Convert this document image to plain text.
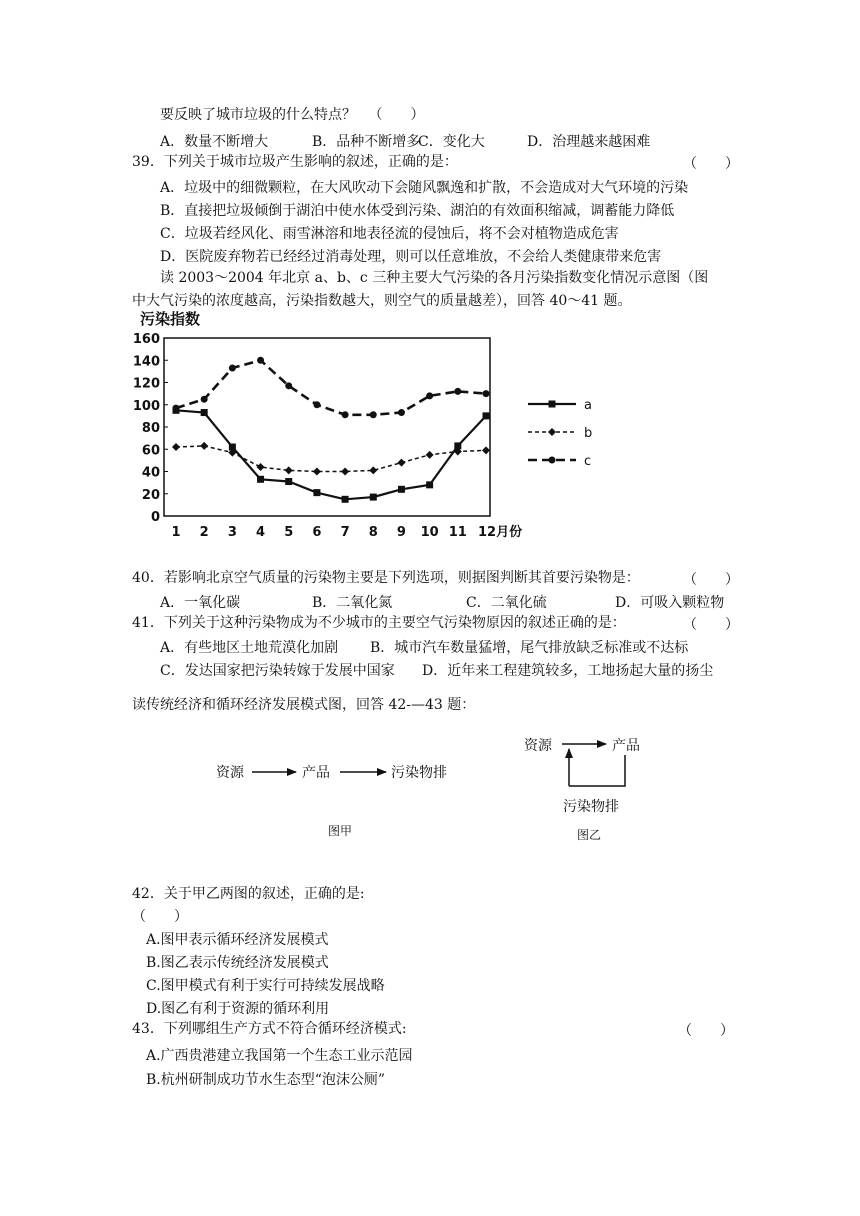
要反映了城市垃圾的什么特点？ （　　）
A．数量不断增大	B．品种不断增多
C．变化大	D．治理越来越困难
39．下列关于城市垃圾产生影响的叙述，正确的是：	（　　）
A．垃圾中的细微颗粒，在大风吹动下会随风飘逸和扩散，不会造成对大气环境的污染
B．直接把垃圾倾倒于湖泊中使水体受到污染、湖泊的有效面积缩减，调蓄能力降低
C．垃圾若经风化、雨雪淋溶和地表径流的侵蚀后，将不会对植物造成危害
D．医院废弃物若已经经过消毒处理，则可以任意堆放，不会给人类健康带来危害
读 2003～2004 年北京 a、b、c 三种主要大气污染的各月污染指数变化情况示意图（图
中大气污染的浓度越高，污染指数越大，则空气的质量越差），回答 40～41 题。
污染指数
0
20
40
60
80
100
120
140
160
1 2 3 4 5 6 7 8 9 10 11 12月份
a
b
c
40．若影响北京空气质量的污染物主要是下列选项，则据图判断其首要污染物是：	（　　）
A．一氧化碳	B．二氧化氮	C．二氧化硫	D．可吸入颗粒物
41．下列关于这种污染物成为不少城市的主要空气污染物原因的叙述正确的是：	（　　）
A．有些地区土地荒漠化加剧 B．城市汽车数量猛增，尾气排放缺乏标准或不达标
C．发达国家把污染转嫁于发展中国家 D．近年来工程建筑较多，工地扬起大量的扬尘
读传统经济和循环经济发展模式图，回答 42-—43 题：
资源	产品	污染物排
图甲
资源	产品
污染物排
图乙
42．关于甲乙两图的叙述，正确的是:
（　　）
A.图甲表示循环经济发展模式
B.图乙表示传统经济发展模式
C.图甲模式有利于实行可持续发展战略
D.图乙有利于资源的循环利用
43．下列哪组生产方式不符合循环经济模式:	（　　）
A.广西贵港建立我国第一个生态工业示范园
B.杭州研制成功节水生态型“泡沫公厕”
